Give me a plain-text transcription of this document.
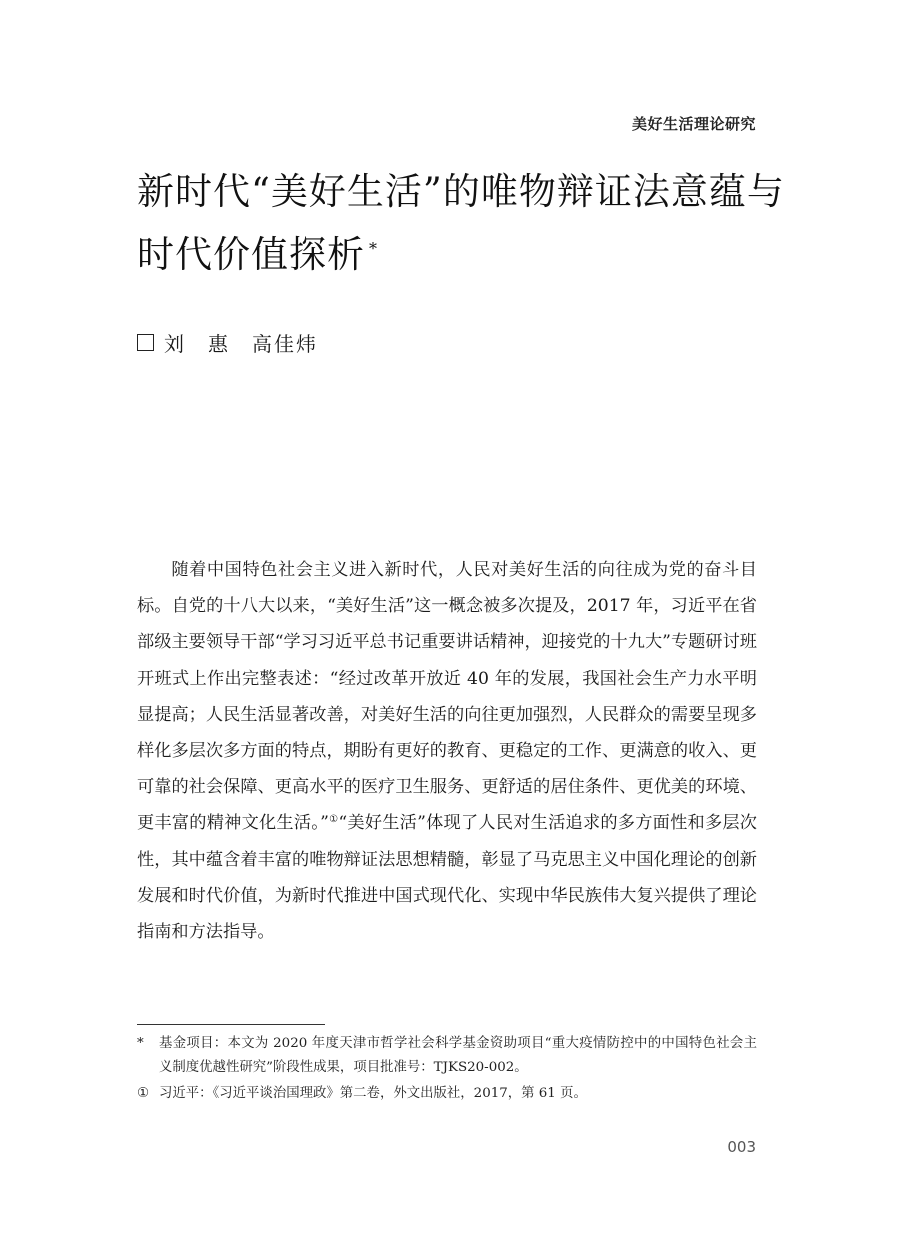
美好生活理论研究
新时代“美好生活”的唯物辩证法意蕴与
时代价值探析 *
刘　惠　高佳炜

随着中国特色社会主义进入新时代，人民对美好生活的向往成为党的奋斗目标。自党的十八大以来，“美好生活”这一概念被多次提及，2017 年，习近平在省部级主要领导干部“学习习近平总书记重要讲话精神，迎接党的十九大”专题研讨班开班式上作出完整表述：“经过改革开放近 40 年的发展，我国社会生产力水平明显提高；人民生活显著改善，对美好生活的向往更加强烈，人民群众的需要呈现多样化多层次多方面的特点，期盼有更好的教育、更稳定的工作、更满意的收入、更可靠的社会保障、更高水平的医疗卫生服务、更舒适的居住条件、更优美的环境、更丰富的精神文化生活。”①“美好生活”体现了人民对生活追求的多方面性和多层次性，其中蕴含着丰富的唯物辩证法思想精髓，彰显了马克思主义中国化理论的创新发展和时代价值，为新时代推进中国式现代化、实现中华民族伟大复兴提供了理论指南和方法指导。

*	基金项目：本文为 2020 年度天津市哲学社会科学基金资助项目“重大疫情防控中的中国特色社会主义制度优越性研究”阶段性成果，项目批准号：TJKS20-002。
① 习近平：《习近平谈治国理政》第二卷，外文出版社，2017，第 61 页。
003
